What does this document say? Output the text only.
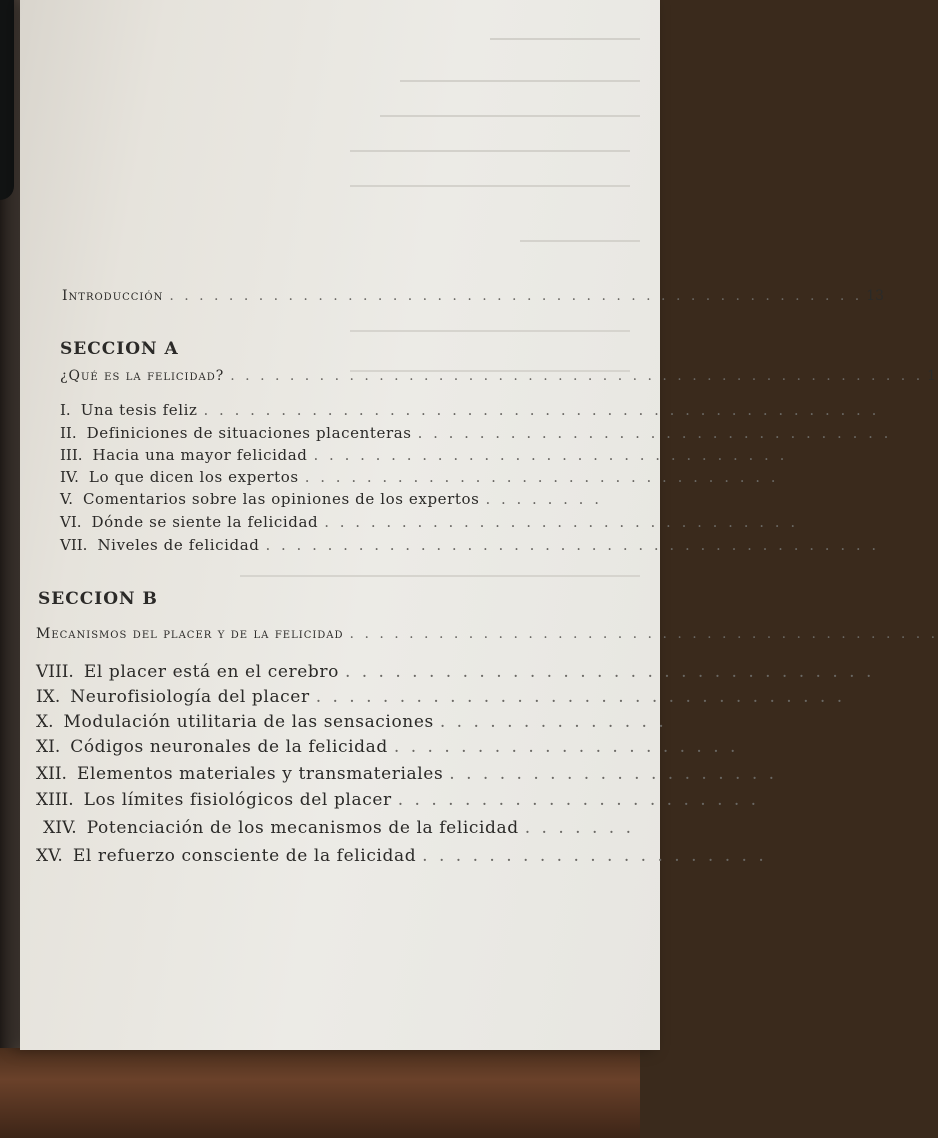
Introducción . . . . . . . . . . . . . . . . . . . . . . . . . . . . . . . . . . . . . . . . . . . . . . . 13
SECCION A
¿Qué es la felicidad? . . . . . . . . . . . . . . . . . . . . . . . . . . . . . . . . . . . . . . . . . . . . . . . 1
I. Una tesis feliz . . . . . . . . . . . . . . . . . . . . . . . . . . . . . . . . . . . . . . . . . . . .
II. Definiciones de situaciones placenteras . . . . . . . . . . . . . . . . . . . . . . . . . . . . . . .
III. Hacia una mayor felicidad . . . . . . . . . . . . . . . . . . . . . . . . . . . . . . .
IV. Lo que dicen los expertos . . . . . . . . . . . . . . . . . . . . . . . . . . . . . . .
V. Comentarios sobre las opiniones de los expertos . . . . . . . .
VI. Dónde se siente la felicidad . . . . . . . . . . . . . . . . . . . . . . . . . . . . . . .
VII. Niveles de felicidad . . . . . . . . . . . . . . . . . . . . . . . . . . . . . . . . . . . . . . . .
SECCION B
Mecanismos del placer y de la felicidad . . . . . . . . . . . . . . . . . . . . . . . . . . . . . . . . . . . . . . . .
VIII. El placer está en el cerebro . . . . . . . . . . . . . . . . . . . . . . . . . . . . . . . .
IX. Neurofisiología del placer . . . . . . . . . . . . . . . . . . . . . . . . . . . . . . . .
X. Modulación utilitaria de las sensaciones . . . . . . . . . . . . . .
XI. Códigos neuronales de la felicidad . . . . . . . . . . . . . . . . . . . . .
XII. Elementos materiales y transmateriales . . . . . . . . . . . . . . . . . . . .
XIII. Los límites fisiológicos del placer . . . . . . . . . . . . . . . . . . . . . .
XIV. Potenciación de los mecanismos de la felicidad . . . . . . .
XV. El refuerzo consciente de la felicidad . . . . . . . . . . . . . . . . . . . . .
